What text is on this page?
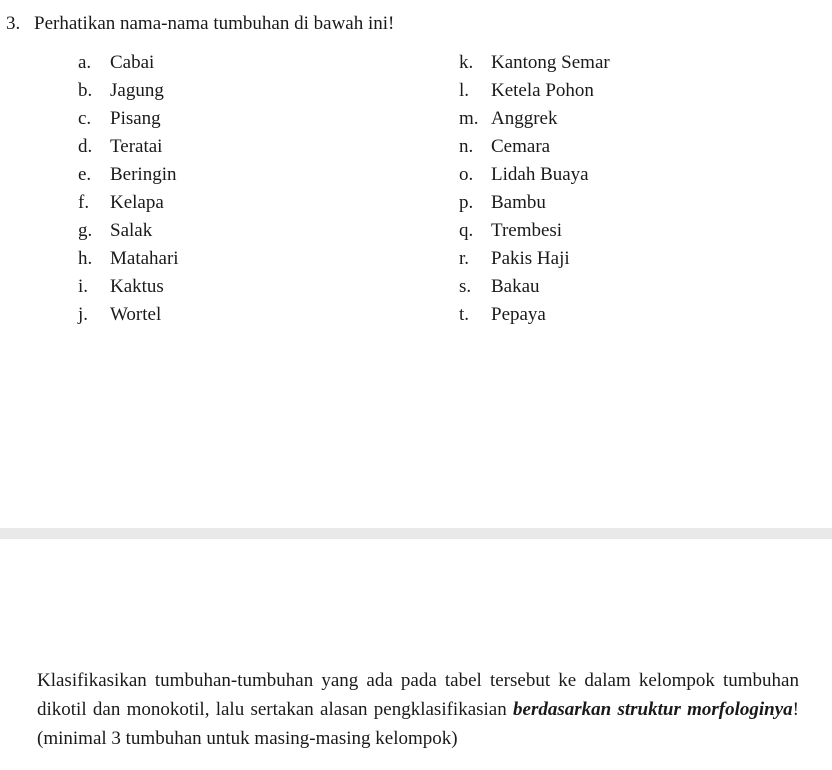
3. Perhatikan nama-nama tumbuhan di bawah ini!
a. Cabai
b. Jagung
c. Pisang
d. Teratai
e. Beringin
f. Kelapa
g. Salak
h. Matahari
i. Kaktus
j. Wortel
k. Kantong Semar
l. Ketela Pohon
m. Anggrek
n. Cemara
o. Lidah Buaya
p. Bambu
q. Trembesi
r. Pakis Haji
s. Bakau
t. Pepaya

Klasifikasikan tumbuhan-tumbuhan yang ada pada tabel tersebut ke dalam kelompok tumbuhan dikotil dan monokotil, lalu sertakan alasan pengklasifikasian berdasarkan struktur morfologinya! (minimal 3 tumbuhan untuk masing-masing kelompok)
